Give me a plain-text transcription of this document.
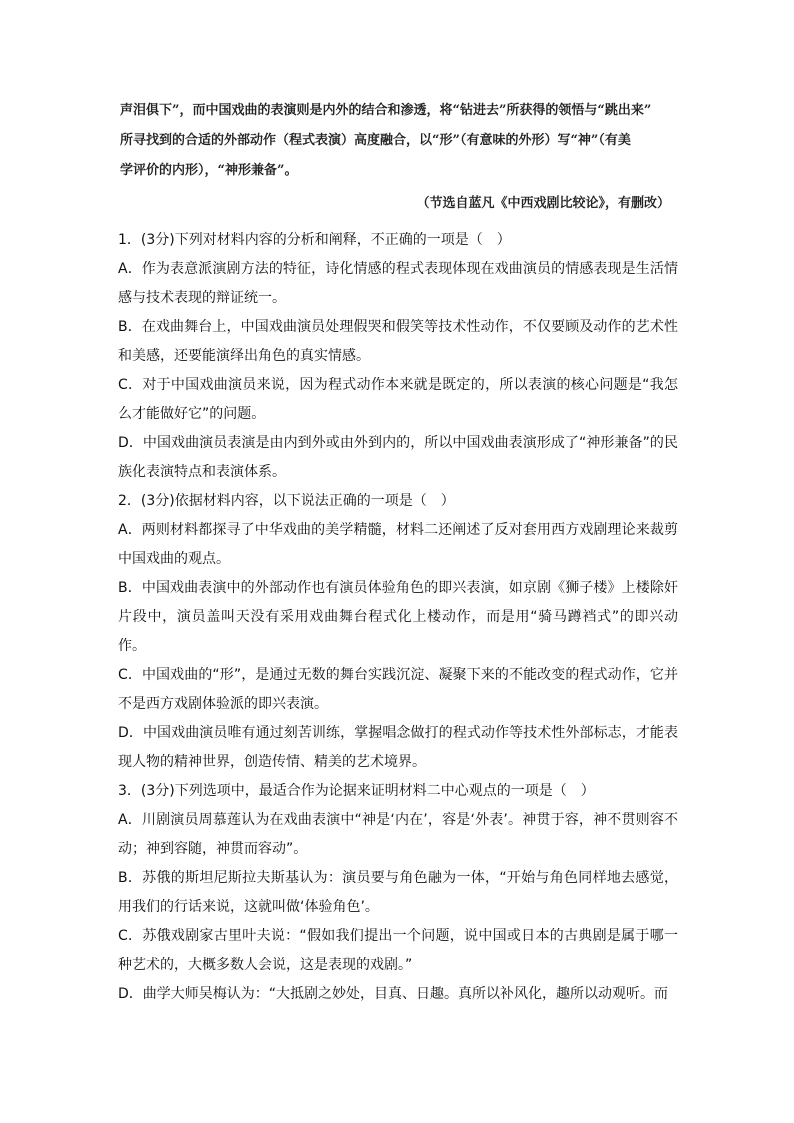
声泪俱下”，而中国戏曲的表演则是内外的结合和渗透，将“钻进去”所获得的领悟与“跳出来”

所寻找到的合适的外部动作（程式表演）高度融合，以“形”（有意味的外形）写“神”（有美

学评价的内形），“神形兼备”。

（节选自蓝凡《中西戏剧比较论》，有删改）

1．(3分)下列对材料内容的分析和阐释，不正确的一项是（　）

A．作为表意派演剧方法的特征，诗化情感的程式表现体现在戏曲演员的情感表现是生活情感与技术表现的辩证统一。

B．在戏曲舞台上，中国戏曲演员处理假哭和假笑等技术性动作，不仅要顾及动作的艺术性和美感，还要能演绎出角色的真实情感。

C．对于中国戏曲演员来说，因为程式动作本来就是既定的，所以表演的核心问题是“我怎么才能做好它”的问题。

D．中国戏曲演员表演是由内到外或由外到内的，所以中国戏曲表演形成了“神形兼备”的民族化表演特点和表演体系。

2．(3分)依据材料内容，以下说法正确的一项是（　）

A．两则材料都探寻了中华戏曲的美学精髓，材料二还阐述了反对套用西方戏剧理论来裁剪中国戏曲的观点。

B．中国戏曲表演中的外部动作也有演员体验角色的即兴表演，如京剧《狮子楼》上楼除奸片段中，演员盖叫天没有采用戏曲舞台程式化上楼动作，而是用“骑马蹲裆式”的即兴动作。

C．中国戏曲的“形”，是通过无数的舞台实践沉淀、凝聚下来的不能改变的程式动作，它并不是西方戏剧体验派的即兴表演。

D．中国戏曲演员唯有通过刻苦训练，掌握唱念做打的程式动作等技术性外部标志，才能表现人物的精神世界，创造传情、精美的艺术境界。

3．(3分)下列选项中，最适合作为论据来证明材料二中心观点的一项是（　）

A．川剧演员周慕莲认为在戏曲表演中“神是‘内在’，容是‘外表’。神贯于容，神不贯则容不动；神到容随，神贯而容动”。

B．苏俄的斯坦尼斯拉夫斯基认为：演员要与角色融为一体，“开始与角色同样地去感觉，用我们的行话来说，这就叫做‘体验角色’。

C．苏俄戏剧家古里叶夫说：“假如我们提出一个问题，说中国或日本的古典剧是属于哪一种艺术的，大概多数人会说，这是表现的戏剧。”

D．曲学大师吴梅认为：“大抵剧之妙处，目真、日趣。真所以补风化，趣所以动观听。而
